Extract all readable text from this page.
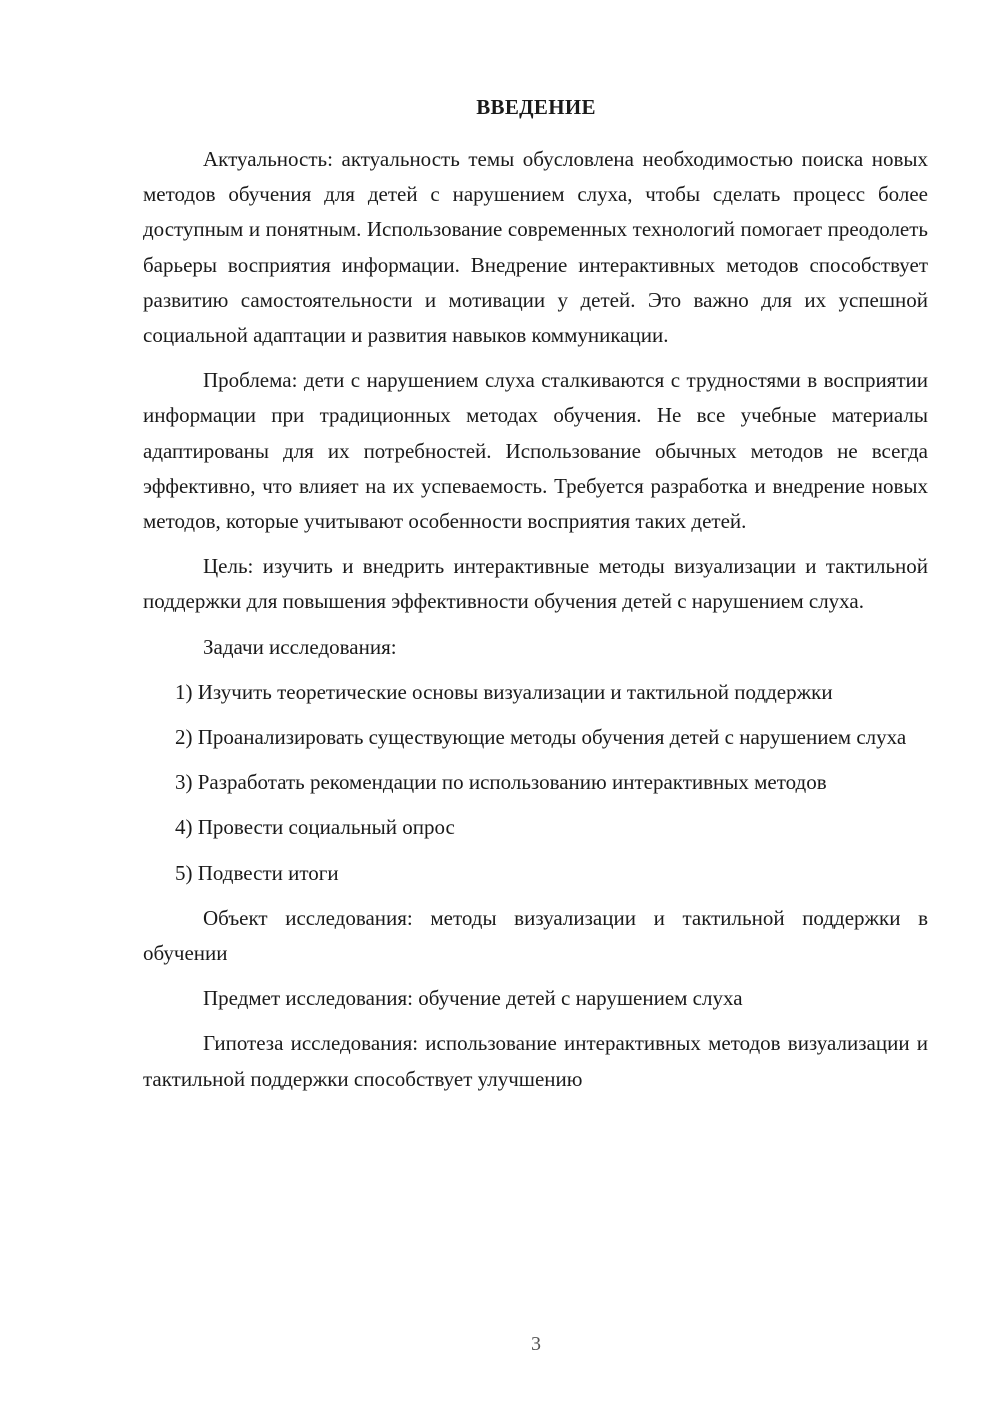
ВВЕДЕНИЕ

Актуальность: актуальность темы обусловлена необходимостью поиска новых методов обучения для детей с нарушением слуха, чтобы сделать процесс более доступным и понятным. Использование современных технологий помогает преодолеть барьеры восприятия информации. Внедрение интерактивных методов способствует развитию самостоятельности и мотивации у детей. Это важно для их успешной социальной адаптации и развития навыков коммуникации.

Проблема: дети с нарушением слуха сталкиваются с трудностями в восприятии информации при традиционных методах обучения. Не все учебные материалы адаптированы для их потребностей. Использование обычных методов не всегда эффективно, что влияет на их успеваемость. Требуется разработка и внедрение новых методов, которые учитывают особенности восприятия таких детей.

Цель: изучить и внедрить интерактивные методы визуализации и тактильной поддержки для повышения эффективности обучения детей с нарушением слуха.

Задачи исследования:

1) Изучить теоретические основы визуализации и тактильной поддержки

2) Проанализировать существующие методы обучения детей с нарушением слуха

3) Разработать рекомендации по использованию интерактивных методов

4) Провести социальный опрос

5) Подвести итоги

Объект исследования: методы визуализации и тактильной поддержки в обучении

Предмет исследования: обучение детей с нарушением слуха

Гипотеза исследования: использование интерактивных методов визуализации и тактильной поддержки способствует улучшению

3
